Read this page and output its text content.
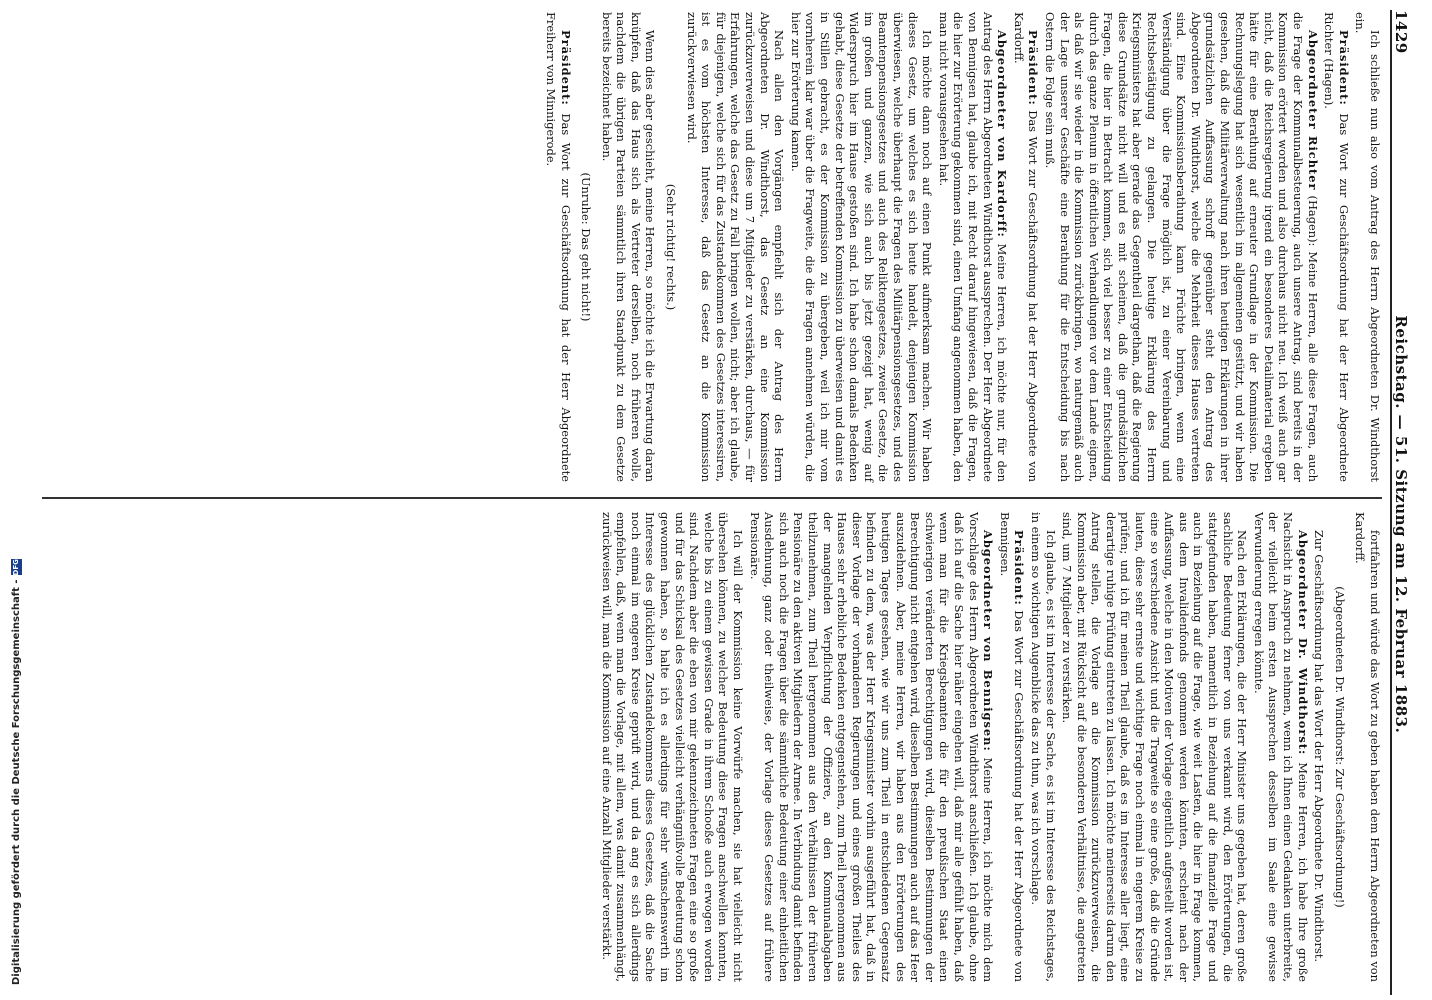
Digitalisierung gefördert durch die Deutsche Forschungsgemeinschaft -
DFG
1429
Reichstag. — 51. Sitzung am 12. Februar 1883.

Ich schließe nun also vom Antrag des Herrn Abgeordneten Dr. Windthorst ein.

Präsident: Das Wort zur Geschäftsordnung hat der Herr Abgeordnete Richter (Hagen).

Abgeordneter Richter (Hagen): Meine Herren, alle diese Fragen, auch die Frage der Kommunalbesteuerung, auch unsere Antrag, sind bereits in der Kommission erörtert worden und also durchaus nicht neu. Ich weiß auch gar nicht, daß die Reichsregierung irgend ein besonderes Detailmaterial ergeben hätte für eine Berathung auf erneuter Grundlage in der Kommission. Die Rechnungslegung hat sich wesentlich im allgemeinen gestützt, und wir haben gesehen, daß die Militärverwaltung nach ihren heutigen Erklärungen in ihrer grundsätzlichen Auffassung schroff gegenüber steht den Antrag des Abgeordneten Dr. Windthorst, welche die Mehrheit dieses Hauses vertreten sind. Eine Kommissionsberathung kann Früchte bringen, wenn eine Verständigung über die Frage möglich ist, zu einer Vereinbarung und Rechtsbestätigung zu gelangen. Die heutige Erklärung des Herrn Kriegsministers hat aber gerade das Gegentheil dargethan, daß die Regierung diese Grundsätze nicht will und es mit scheinen, daß die grundsätzlichen Fragen, die hier in Betracht kommen, sich viel besser zu einer Entscheidung durch das ganze Plenum in öffentlichen Verhandlungen vor dem Lande eignen, als daß wir sie wieder in die Kommission zurückbringen, wo naturgemäß auch der Lage unserer Geschäfte eine Berathung für die Entscheidung bis nach Ostern die Folge sein muß.

Präsident: Das Wort zur Geschäftsordnung hat der Herr Abgeordnete von Kardorff.

Abgeordneter von Kardorff: Meine Herren, ich möchte nur, für den Antrag des Herrn Abgeordneten Windthorst aussprechen. Der Herr Abgeordnete von Bennigsen hat, glaube ich, mit Recht darauf hingewiesen, daß die Fragen, die hier zur Erörterung gekommen sind, einen Umfang angenommen haben, den man nicht vorausgesehen hat.

Ich möchte dann noch auf einen Punkt aufmerksam machen. Wir haben dieses Gesetz, um welches es sich heute handelt, denjenigen Kommission überwiesen, welche überhaupt die Fragen des Militärpensionsgesetzes, und des Beamtenpensionsgesetzes und auch des Reliktengesetzes, zweier Gesetze, die im großen und ganzen, wie sich auch bis jetzt gezeigt hat, wenig auf Widerspruch hier im Hause gestoßen sind. Ich habe schon damals Bedenken gehabt, diese Gesetze der betreffenden Kommission zu überweisen und damit es in Stillen gebracht, es der Kommission zu übergeben, weil ich mir vom vornherein klar war über die Fragweite, die die Fragen annehmen würden, die hier zur Erörterung kamen.

Nach allen den Vorgängen empfiehlt sich der Antrag des Herrn Abgeordneten Dr. Windthorst, das Gesetz an eine Kommission zurückzuverweisen und diese um 7 Mitglieder zu verstärken, durchaus, — für Erfahrungen, welche das Gesetz zu Fall bringen wollen, nicht; aber ich glaube, für diejenigen, welche sich für das Zustandekommen des Gesetzes interessiren, ist es vom höchsten Interesse, daß das Gesetz an die Kommission zurückverwiesen wird.

(Sehr richtig! rechts.)

Wenn dies aber geschieht, meine Herren, so möchte ich die Erwartung daran knüpfen, daß das Haus sich als Vertreter derselben, noch früheren wolle, nachdem die übrigen Parteien sämmtlich ihren Standpunkt zu dem Gesetze bereits bezeichnet haben.

(Unruhe: Das geht nicht!)

Präsident: Das Wort zur Geschäftsordnung hat der Herr Abgeordnete Freiherr von Minnigerode.

fortfahren und würde das Wort zu geben haben dem Herrn Abgeordneten von Kardorff.

(Abgeordneten Dr. Windthorst: Zur Geschäftsordnung!)

Zur Geschäftsordnung hat das Wort der Herr Abgeordnete Dr. Windthorst.

Abgeordneter Dr. Windthorst: Meine Herren, ich habe Ihre große Nachsicht in Anspruch zu nehmen, wenn ich Ihnen einen Gedanken unterbreite, der vielleicht beim ersten Aussprechen desselben im Saale eine gewisse Verwunderung erregen könnte.

Nach den Erklärungen, die der Herr Minister uns gegeben hat, deren große sachliche Bedeutung ferner von uns verkannt wird, den Erörterungen, die stattgefunden haben, namentlich in Beziehung auf die finanzielle Frage und auch in Beziehung auf die Frage, wie weit Lasten, die hier in Frage kommen, aus dem Invalidenfonds genommen werden könnten, erscheint nach der Auffassung, welche in den Motiven der Vorlage eigentlich aufgestellt worden ist, eine so verschiedene Ansicht und die Tragweite so eine große, daß die Gründe lauten, diese sehr ernste und wichtige Frage noch einmal in engerem Kreise zu prüfen; und ich für meinen Theil glaube, daß es im Interesse aller liegt, eine derartige ruhige Prüfung eintreten zu lassen. Ich möchte meinerseits darum den Antrag stellen, die Vorlage an die Kommission zurückzuverweisen, die Kommission aber, mit Rücksicht auf die besonderen Verhältnisse, die angetreten sind, um 7 Mitglieder zu verstärken.

Ich glaube, es ist im Interesse der Sache, es ist im Interesse des Reichstages, in einem so wichtigen Augenblicke das zu thun, was ich vorschlage.

Präsident: Das Wort zur Geschäftsordnung hat der Herr Abgeordnete von Bennigsen.

Abgeordneter von Bennigsen: Meine Herren, ich möchte mich dem Vorschlage des Herrn Abgeordneten Windthorst anschließen. Ich glaube, ohne daß ich auf die Sache hier näher eingehen will, daß mir alle gefühlt haben, daß wenn man für die Kriegsbeamten die für den preußischen Staat einen schwierigen veränderten Berechtigungen wird, dieselben Bestimmungen der Berechtigung nicht entgehen wird, dieselben Bestimmungen auch auf das Heer auszudehnen. Aber, meine Herren, wir haben aus den Erörterungen des heutigen Tages gesehen, wie wir uns zum Theil in entschiedenen Gegensatz befinden zu dem, was der Herr Kriegsminister vorhin ausgeführt hat, daß in dieser Vorlage der vorhandenen Regierungen und eines großen Theiles des Hauses sehr erhebliche Bedenken entgegenstehen, zum Theil hergenommen aus der mangelnden Verpflichtung der Offiziere, an den Kommunalabgaben theilzunehmen, zum Theil hergenommen aus den Verhältnissen der früheren Pensionäre zu den aktiven Mitgliedern der Armee. In Verbindung damit befinden sich auch noch die Fragen über die sämmtliche Bedeutung einer einheitlichen Ausdehnung, ganz oder theilweise, der Vorlage dieses Gesetzes auf frühere Pensionäre.

Ich will der Kommission keine Vorwürfe machen, sie hat vielleicht nicht übersehen können, zu welcher Bedeutung diese Fragen anschwellen konnten, welche bis zu einem gewissen Grade in ihrem Schooße auch erwogen worden sind. Nachdem aber die eben von mir gekennzeichneten Fragen eine so große und für das Schicksal des Gesetzes vielleicht verhängnißvolle Bedeutung schon gewonnen haben, so halte ich es allerdings für sehr wünschenswerth im Interesse des glücklichen Zustandekommens dieses Gesetzes, daß die Sache noch einmal im engeren Kreise geprüft wird, und da ang es sich allerdings empfehlen, daß, wenn man die Vorlage, mit allem, was damit zusammenhängt, zurückweisen will, man die Kommission auf eine Anzahl Mitglieder verstärkt.
